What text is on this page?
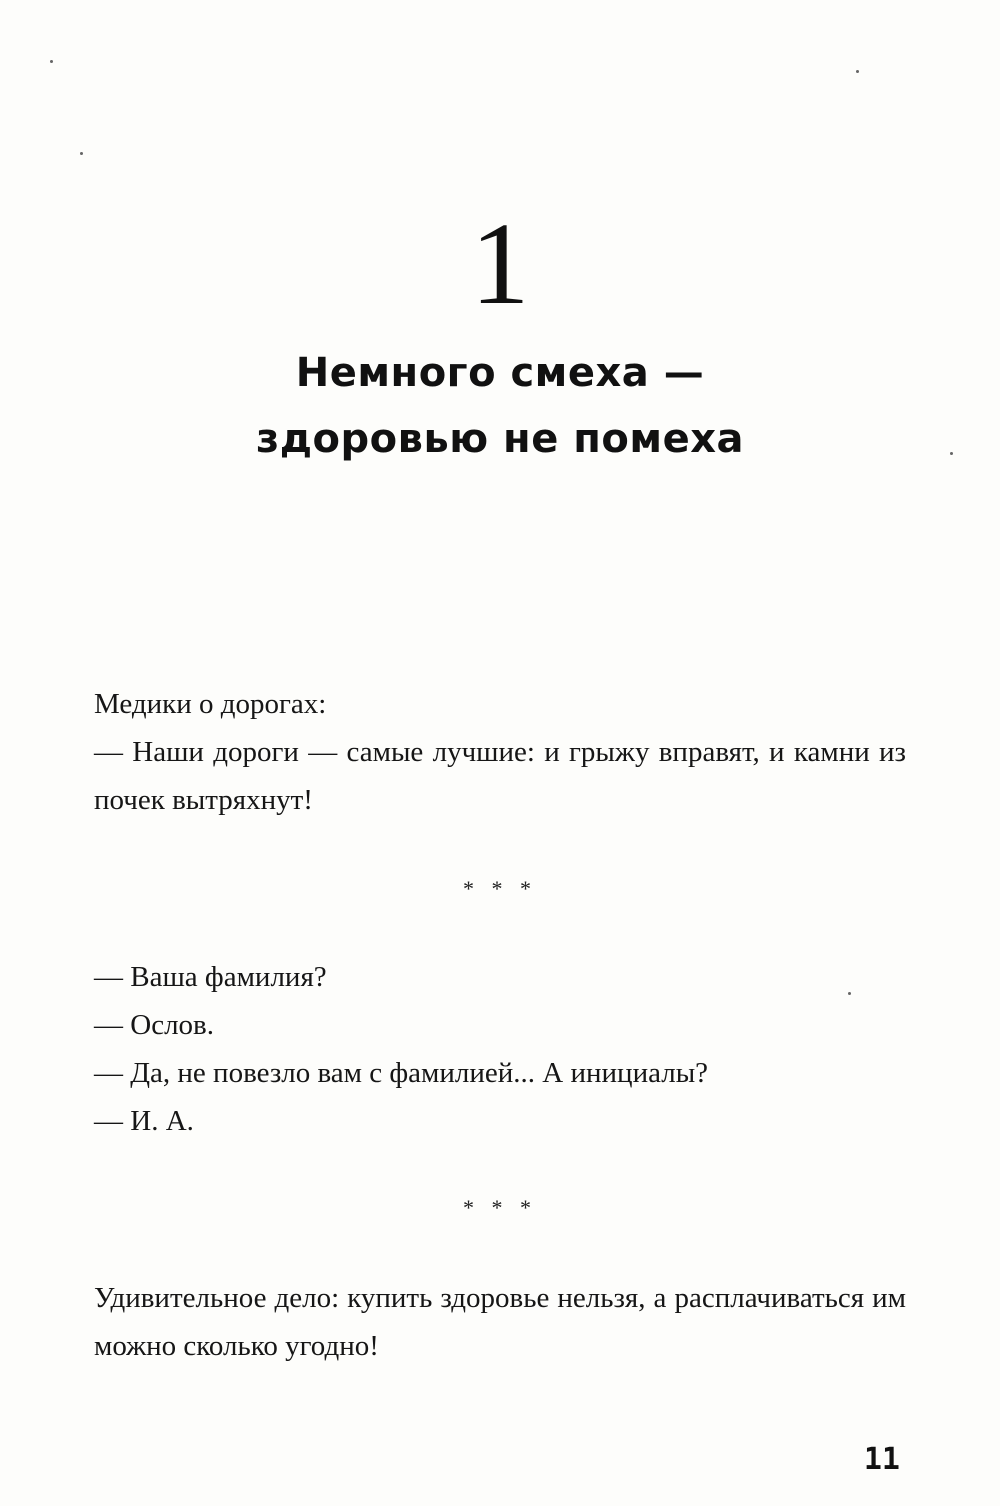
1
Немного смеха —
здоровью не помеха

Медики о дорогах:

— Наши дороги — самые лучшие: и грыжу вправят, и камни из почек вытряхнут!

* * *

— Ваша фамилия?

— Ослов.

— Да, не повезло вам с фамилией... А инициалы?

— И. А.

* * *

Удивительное дело: купить здоровье нельзя, а расплачиваться им можно сколько угодно!

11
